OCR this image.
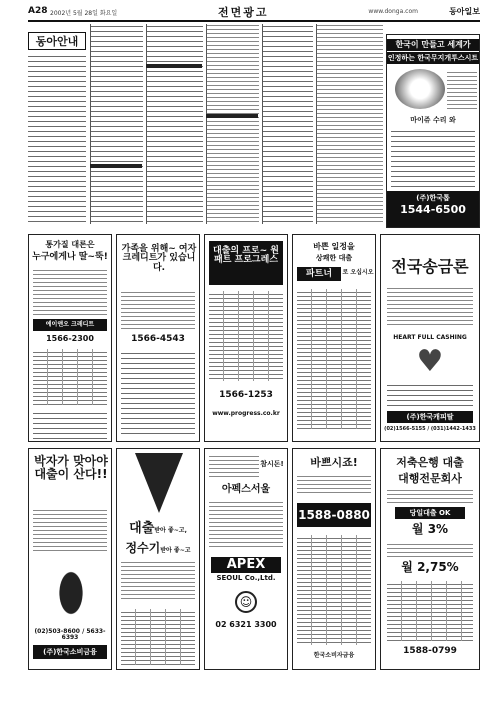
A28 2002년 5월 28일 화요일	전면광고	www.donga.com	동아일보
동아안내	한국이 만들고 세계가
인정하는 한국무지개투스시트
마이쥬 수리 와
(주)한국톱
1544-6500
통가질 대론은
누구에게나 딸~뚝!
에이앤오 크레디트
1566-2300
가족을 위해~ 여자크레디트가 있습니다.
1566-4543
대출의 프로~ 원패트 프로그레스
1566-1253
www.progress.co.kr
바쁜 일정을
상쾌한 대출
파트너	로 오십시오	전국송금론
HEART FULL CASHING
♥
(주)한국캐피탈
(02)1566-5155 / (031)1442-1433
박자가 맞아야 대출이 산다!!
(02)503-8600 / 5633-6393
(주)한국소비금융
대출받아 좋~고,
정수기받아 좋~고
참시돈!
아펙스서울
APEX
SEOUL Co.,Ltd.
☺
02 6321 3300
바쁘시죠!
1588-0880
한국소비자금융
저축은행 대출
대행전문회사
당일대출 OK
월 3%
월 2,75%
1588-0799
